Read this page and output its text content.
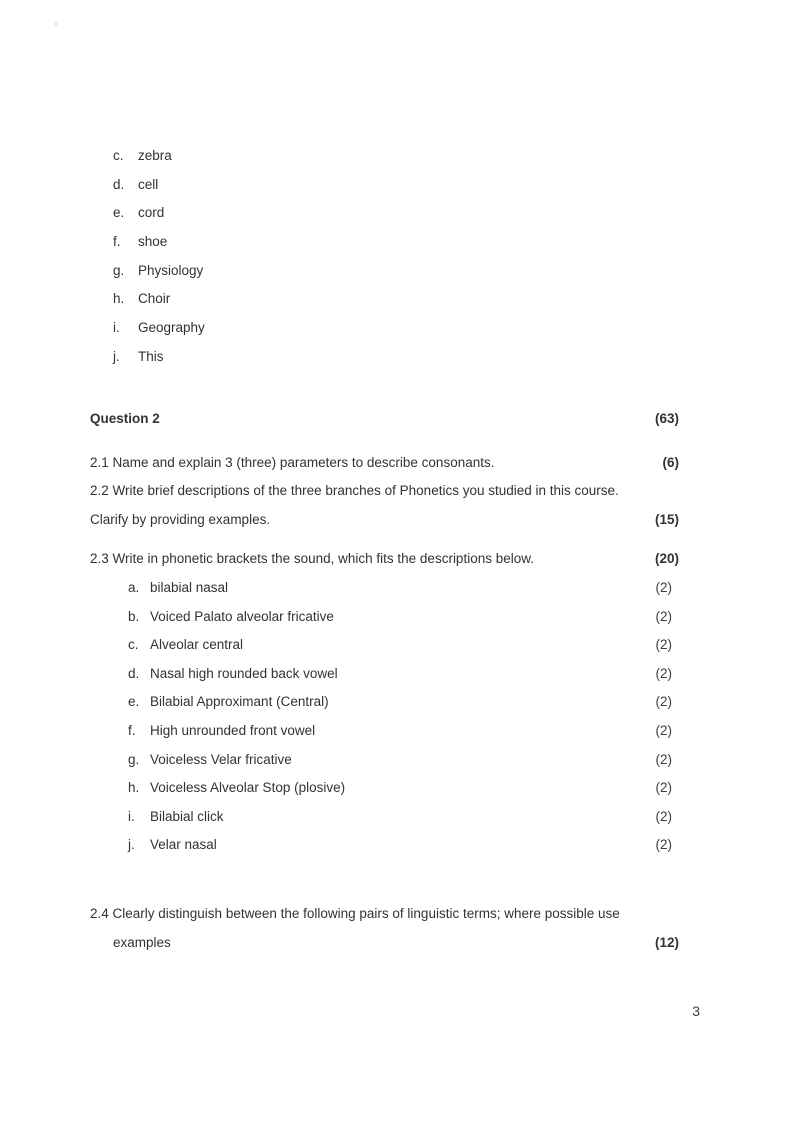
c. zebra
d. cell
e. cord
f. shoe
g. Physiology
h. Choir
i. Geography
j. This
Question 2	(63)
2.1 Name and explain 3 (three) parameters to describe consonants.	(6)
2.2 Write brief descriptions of the three branches of Phonetics you studied in this course.
Clarify by providing examples.	(15)
2.3 Write in phonetic brackets the sound, which fits the descriptions below.	(20)
a. bilabial nasal	(2)
b. Voiced Palato alveolar fricative	(2)
c. Alveolar central	(2)
d. Nasal high rounded back vowel	(2)
e. Bilabial Approximant (Central)	(2)
f. High unrounded front vowel	(2)
g. Voiceless Velar fricative	(2)
h. Voiceless Alveolar Stop (plosive)	(2)
i. Bilabial click	(2)
j. Velar nasal	(2)
2.4 Clearly distinguish between the following pairs of linguistic terms; where possible use
examples	(12)
3
